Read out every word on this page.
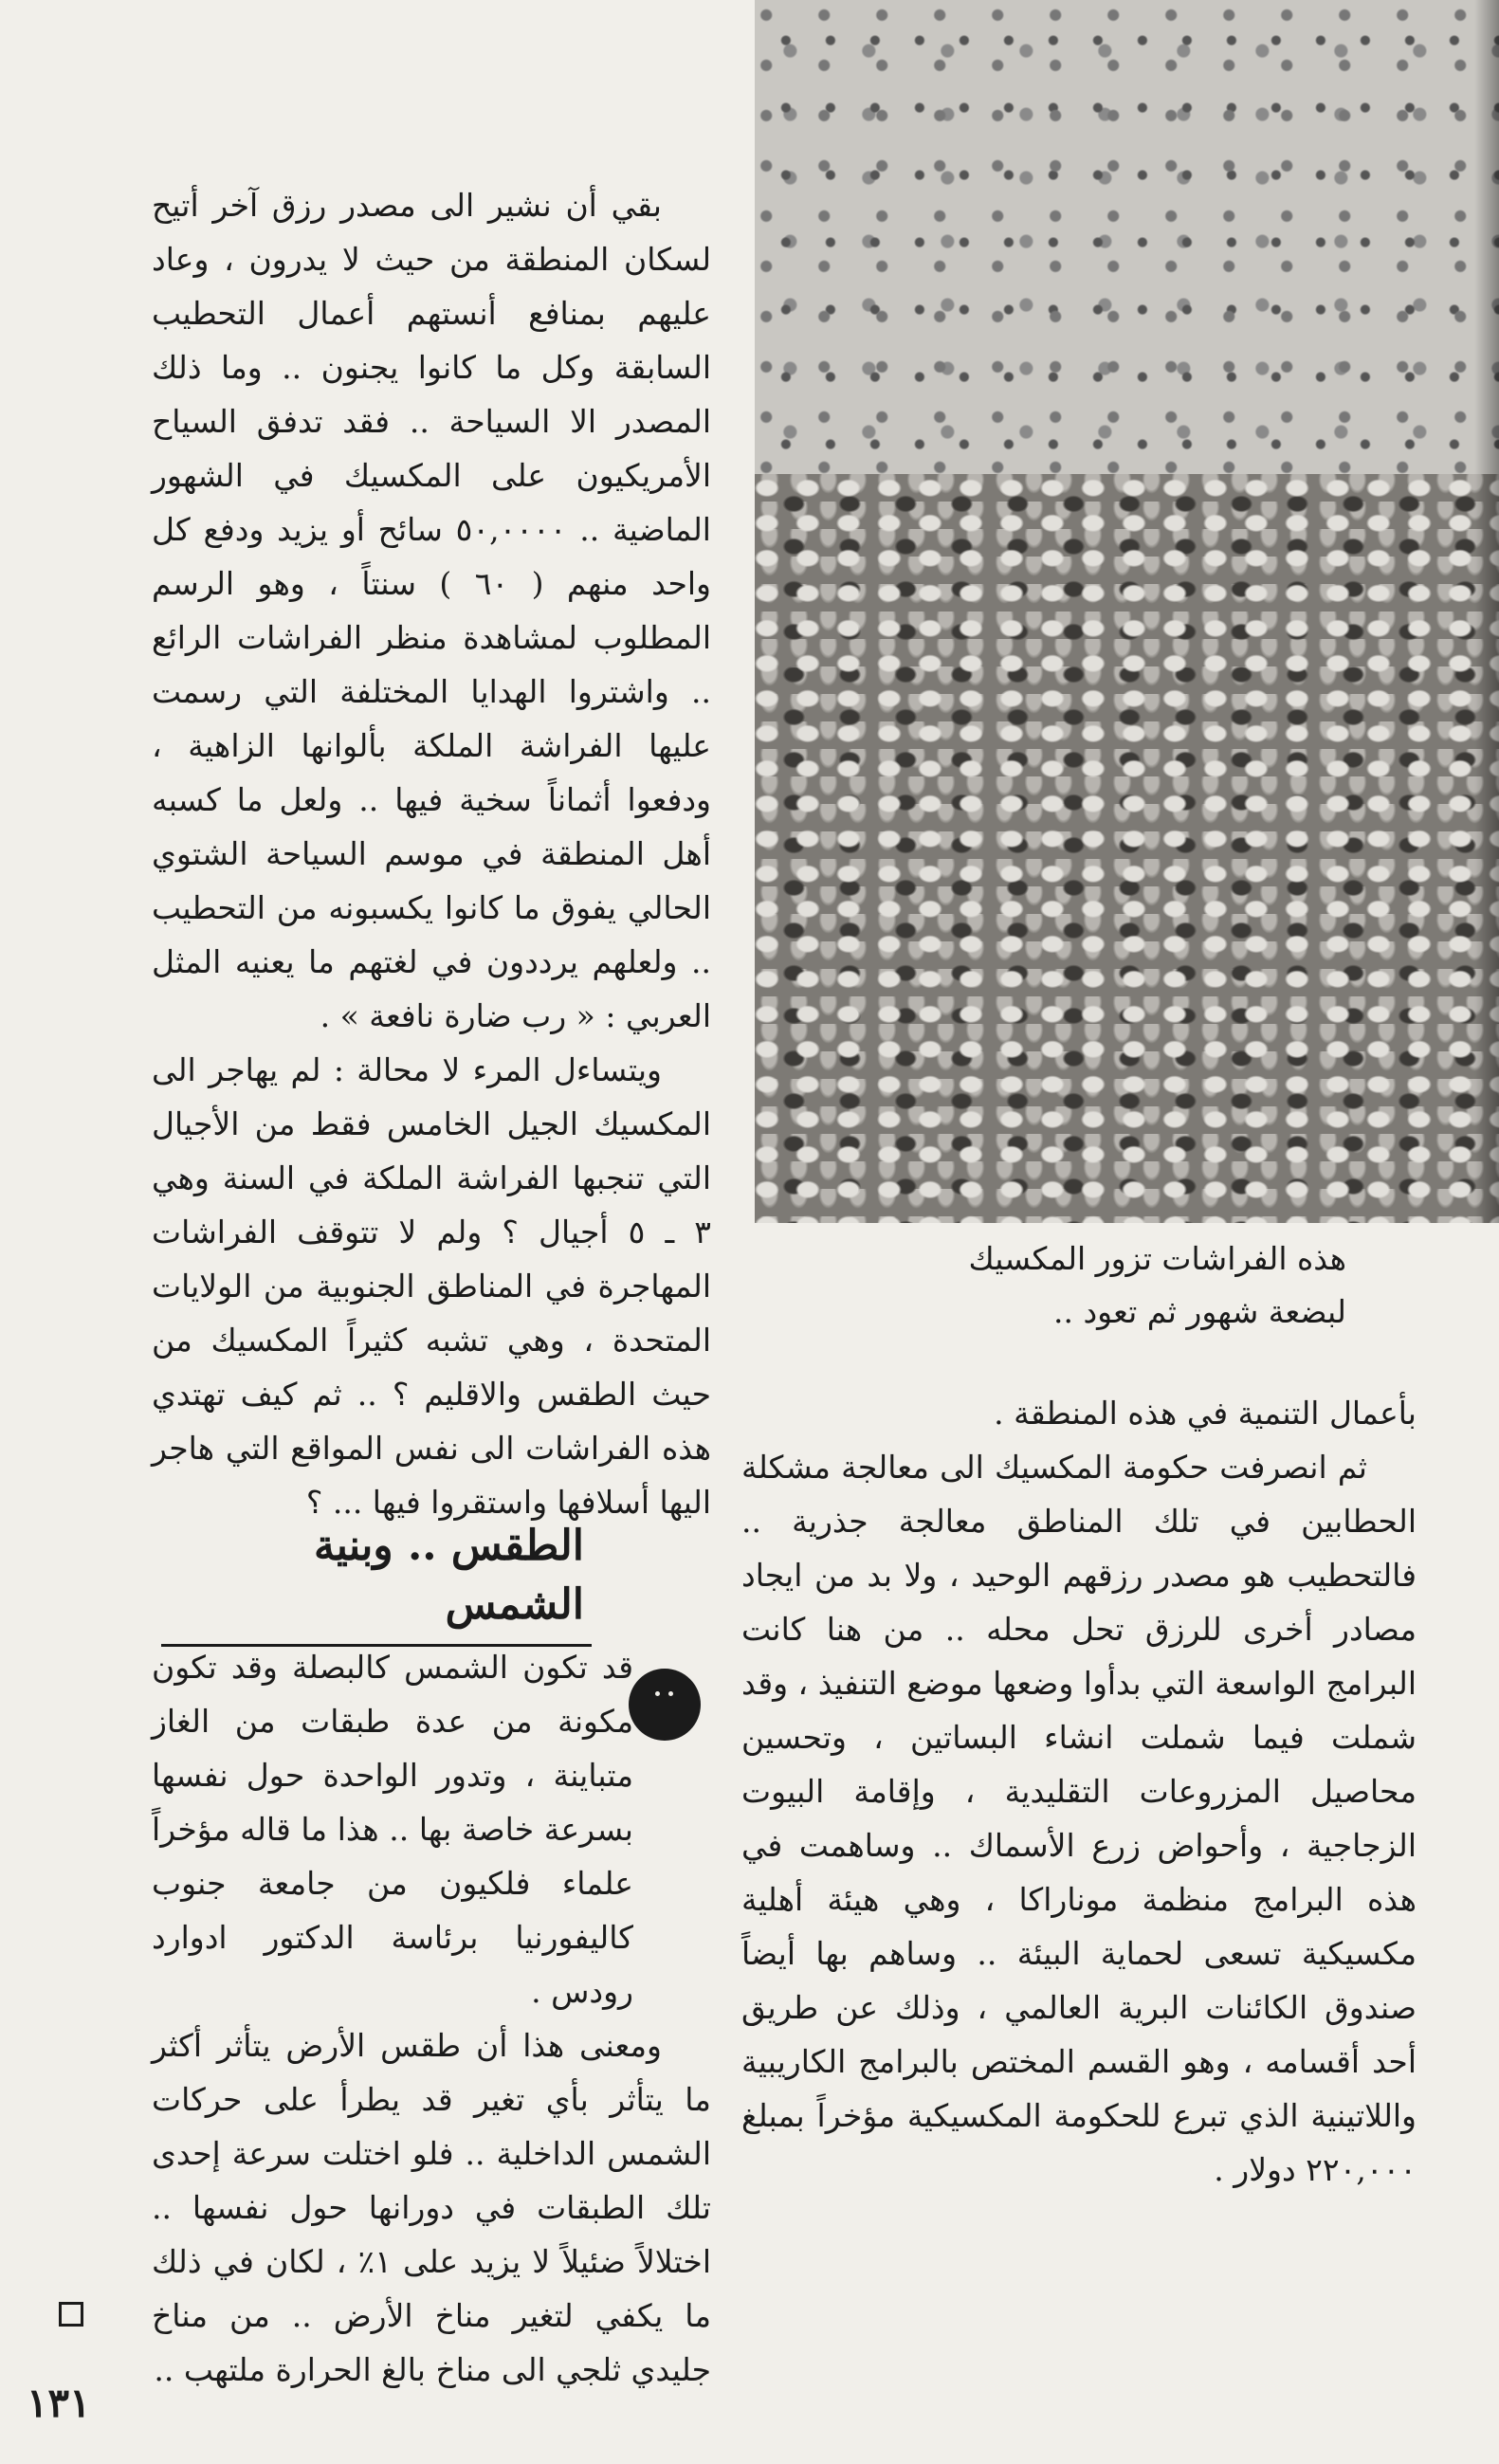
هذه الفراشات تزور المكسيك

لبضعة شهور ثم تعود ..

بقي أن نشير الى مصدر رزق آخر أتيح لسكان المنطقة من حيث لا يدرون ، وعاد عليهم بمنافع أنستهم أعمال التحطيب السابقة وكل ما كانوا يجنون .. وما ذلك المصدر الا السياحة .. فقد تدفق السياح الأمريكيون على المكسيك في الشهور الماضية .. ٥٠,٠٠٠٠ سائح أو يزيد ودفع كل واحد منهم ( ٦٠ ) سنتاً ، وهو الرسم المطلوب لمشاهدة منظر الفراشات الرائع .. واشتروا الهدايا المختلفة التي رسمت عليها الفراشة الملكة بألوانها الزاهية ، ودفعوا أثماناً سخية فيها .. ولعل ما كسبه أهل المنطقة في موسم السياحة الشتوي الحالي يفوق ما كانوا يكسبونه من التحطيب .. ولعلهم يرددون في لغتهم ما يعنيه المثل العربي : « رب ضارة نافعة » .

ويتساءل المرء لا محالة : لم يهاجر الى المكسيك الجيل الخامس فقط من الأجيال التي تنجبها الفراشة الملكة في السنة وهي ٣ ـ ٥ أجيال ؟ ولم لا تتوقف الفراشات المهاجرة في المناطق الجنوبية من الولايات المتحدة ، وهي تشبه كثيراً المكسيك من حيث الطقس والاقليم ؟ .. ثم كيف تهتدي هذه الفراشات الى نفس المواقع التي هاجر اليها أسلافها واستقروا فيها ... ؟

بأعمال التنمية في هذه المنطقة .

ثم انصرفت حكومة المكسيك الى معالجة مشكلة الحطابين في تلك المناطق معالجة جذرية .. فالتحطيب هو مصدر رزقهم الوحيد ، ولا بد من ايجاد مصادر أخرى للرزق تحل محله .. من هنا كانت البرامج الواسعة التي بدأوا وضعها موضع التنفيذ ، وقد شملت فيما شملت انشاء البساتين ، وتحسين محاصيل المزروعات التقليدية ، وإقامة البيوت الزجاجية ، وأحواض زرع الأسماك .. وساهمت في هذه البرامج منظمة موناراكا ، وهي هيئة أهلية مكسيكية تسعى لحماية البيئة .. وساهم بها أيضاً صندوق الكائنات البرية العالمي ، وذلك عن طريق أحد أقسامه ، وهو القسم المختص بالبرامج الكاريبية واللاتينية الذي تبرع للحكومة المكسيكية مؤخراً بمبلغ ٢٢٠,٠٠٠ دولار .

الطقس .. وبنية الشمس

قد تكون الشمس كالبصلة وقد تكون مكونة من عدة طبقات من الغاز متباينة ، وتدور الواحدة حول نفسها بسرعة خاصة بها .. هذا ما قاله مؤخراً علماء فلكيون من جامعة جنوب كاليفورنيا برئاسة الدكتور ادوارد رودس .

ومعنى هذا أن طقس الأرض يتأثر أكثر ما يتأثر بأي تغير قد يطرأ على حركات الشمس الداخلية .. فلو اختلت سرعة إحدى تلك الطبقات في دورانها حول نفسها .. اختلالاً ضئيلاً لا يزيد على ١٪ ، لكان في ذلك ما يكفي لتغير مناخ الأرض .. من مناخ جليدي ثلجي الى مناخ بالغ الحرارة ملتهب ..

١٣١
